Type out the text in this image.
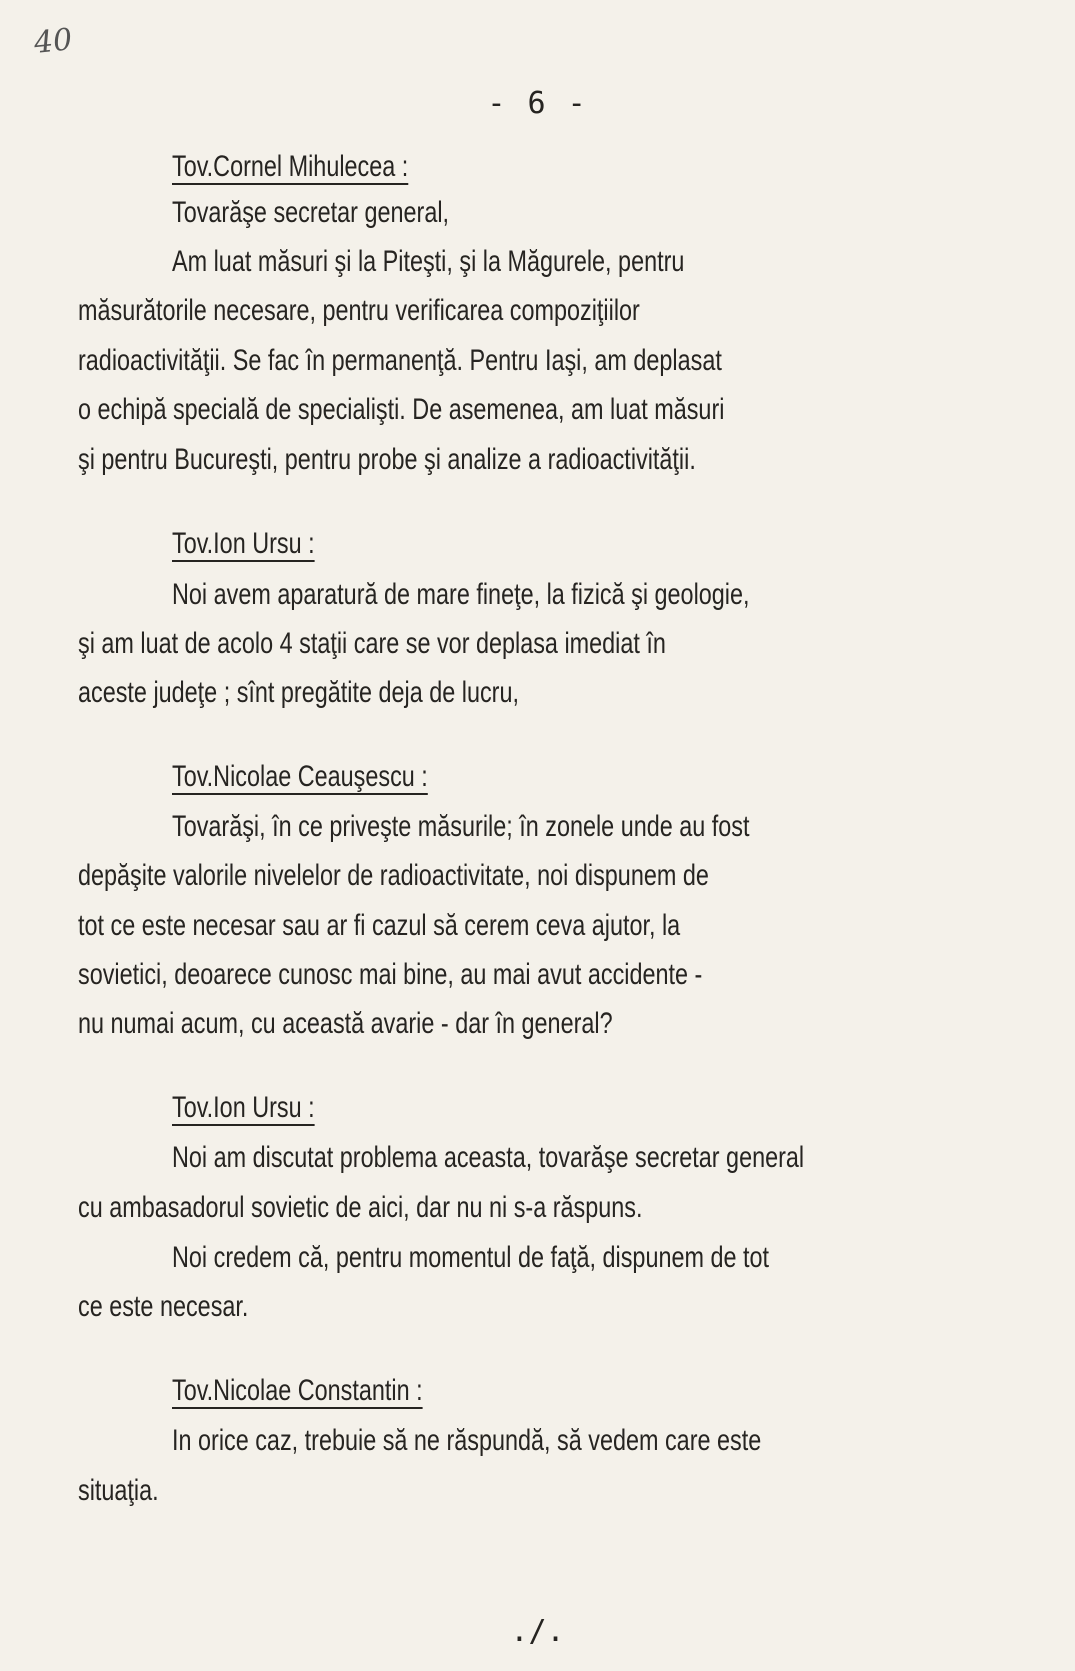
40
- 6 -
Tov.Cornel Mihulecea :
Tovarăşe secretar general,
Am luat măsuri şi la Piteşti, şi la Măgurele, pentru
măsurătorile necesare, pentru verificarea compoziţiilor
radioactivităţii. Se fac în permanenţă. Pentru Iaşi, am deplasat
o echipă specială de specialişti. De asemenea, am luat măsuri
şi pentru Bucureşti, pentru probe şi analize a radioactivităţii.
Tov.Ion Ursu :
Noi avem aparatură de mare fineţe, la fizică şi geologie,
şi am luat de acolo 4 staţii care se vor deplasa imediat în
aceste judeţe ; sînt pregătite deja de lucru,
Tov.Nicolae Ceauşescu :
Tovarăşi, în ce priveşte măsurile; în zonele unde au fost
depăşite valorile nivelelor de radioactivitate, noi dispunem de
tot ce este necesar sau ar fi cazul să cerem ceva ajutor, la
sovietici, deoarece cunosc mai bine, au mai avut accidente -
nu numai acum, cu această avarie - dar în general?
Tov.Ion Ursu :
Noi am discutat problema aceasta, tovarăşe secretar general
cu ambasadorul sovietic de aici, dar nu ni s-a răspuns.
Noi credem că, pentru momentul de faţă, dispunem de tot
ce este necesar.
Tov.Nicolae Constantin :
In orice caz, trebuie să ne răspundă, să vedem care este
situaţia.
./.
